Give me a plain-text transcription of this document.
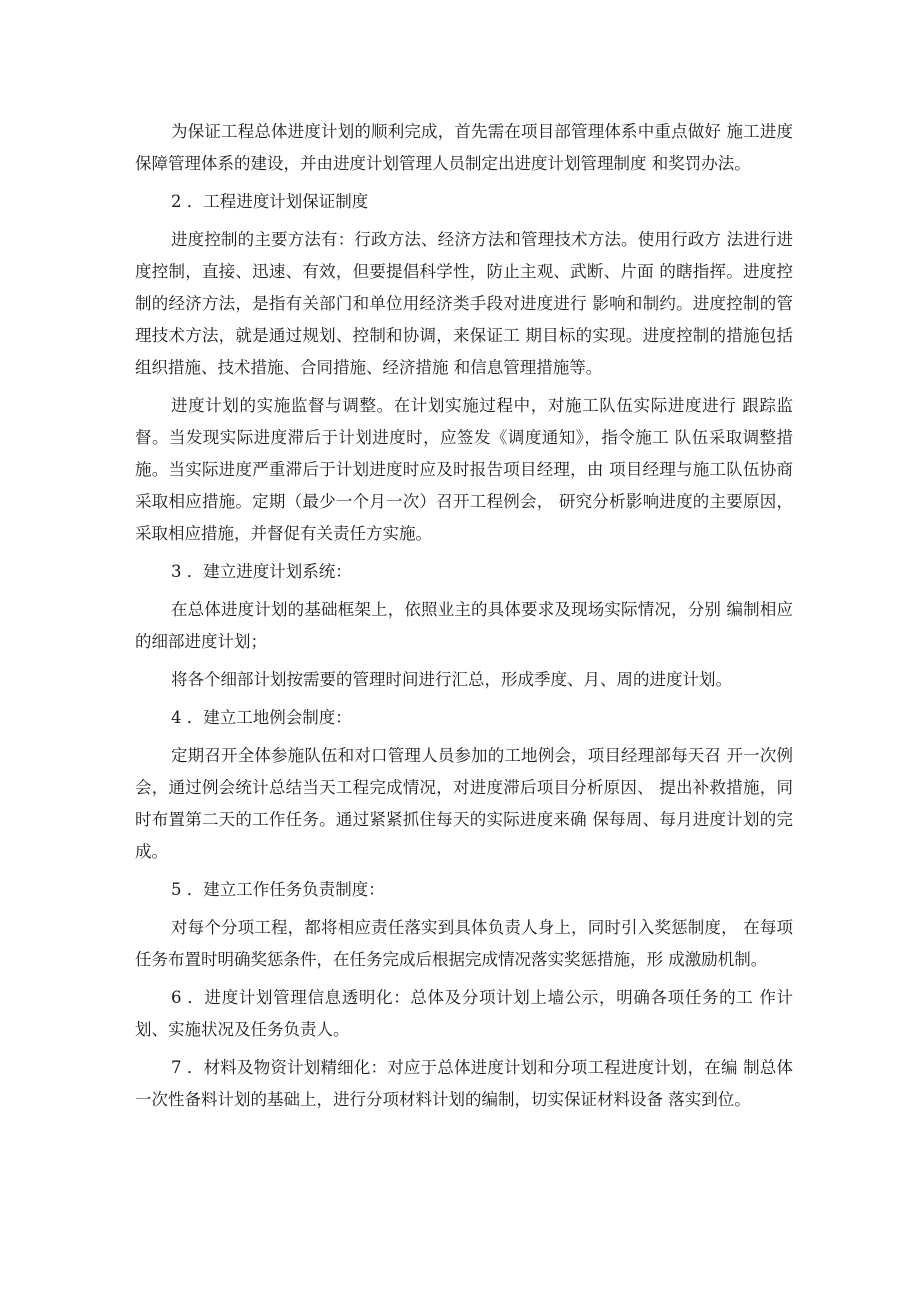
为保证工程总体进度计划的顺利完成，首先需在项目部管理体系中重点做好 施工进度保障管理体系的建设，并由进度计划管理人员制定出进度计划管理制度 和奖罚办法。

2 ．工程进度计划保证制度

进度控制的主要方法有：行政方法、经济方法和管理技术方法。使用行政方 法进行进度控制，直接、迅速、有效，但要提倡科学性，防止主观、武断、片面 的瞎指挥。进度控制的经济方法，是指有关部门和单位用经济类手段对进度进行 影响和制约。进度控制的管理技术方法，就是通过规划、控制和协调，来保证工 期目标的实现。进度控制的措施包括组织措施、技术措施、合同措施、经济措施 和信息管理措施等。

进度计划的实施监督与调整。在计划实施过程中，对施工队伍实际进度进行 跟踪监督。当发现实际进度滞后于计划进度时，应签发《调度通知》，指令施工 队伍采取调整措施。当实际进度严重滞后于计划进度时应及时报告项目经理，由 项目经理与施工队伍协商采取相应措施。定期（最少一个月一次）召开工程例会， 研究分析影响进度的主要原因，采取相应措施，并督促有关责任方实施。

3 ．建立进度计划系统：

在总体进度计划的基础框架上，依照业主的具体要求及现场实际情况，分别 编制相应的细部进度计划；

将各个细部计划按需要的管理时间进行汇总，形成季度、月、周的进度计划。

4 ．建立工地例会制度：

定期召开全体参施队伍和对口管理人员参加的工地例会，项目经理部每天召 开一次例会，通过例会统计总结当天工程完成情况，对进度滞后项目分析原因、 提出补救措施，同时布置第二天的工作任务。通过紧紧抓住每天的实际进度来确 保每周、每月进度计划的完成。

5 ．建立工作任务负责制度：

对每个分项工程，都将相应责任落实到具体负责人身上，同时引入奖惩制度， 在每项任务布置时明确奖惩条件，在任务完成后根据完成情况落实奖惩措施，形 成激励机制。

6 ．进度计划管理信息透明化：总体及分项计划上墙公示，明确各项任务的工 作计划、实施状况及任务负责人。

7 ．材料及物资计划精细化：对应于总体进度计划和分项工程进度计划，在编 制总体一次性备料计划的基础上，进行分项材料计划的编制，切实保证材料设备 落实到位。
